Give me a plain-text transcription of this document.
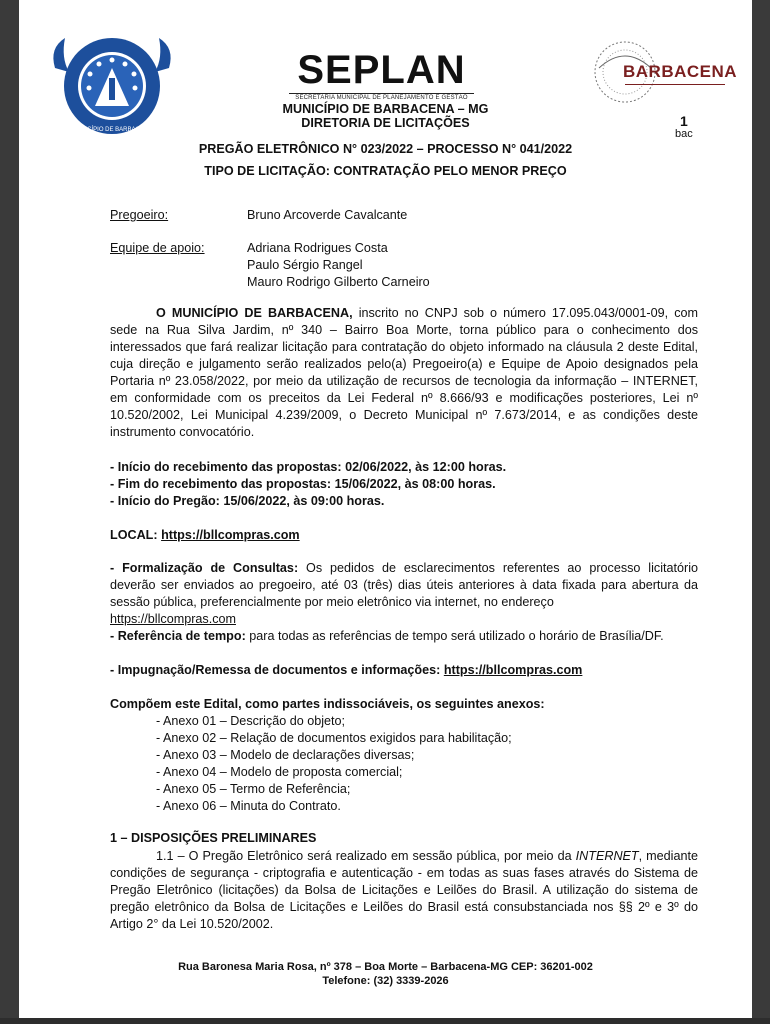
MUNICÍPIO DE BARBACENA
SEPLAN
SECRETARIA MUNICIPAL DE PLANEJAMENTO E GESTÃO
BARBACENA
MUNICÍPIO DE BARBACENA – MG
DIRETORIA DE LICITAÇÕES	1
bac
PREGÃO ELETRÔNICO N° 023/2022 – PROCESSO N° 041/2022
TIPO DE LICITAÇÃO: CONTRATAÇÃO PELO MENOR PREÇO
Pregoeiro:	Bruno Arcoverde Cavalcante
Equipe de apoio:	Adriana Rodrigues Costa
Paulo Sérgio Rangel
Mauro Rodrigo Gilberto Carneiro
O MUNICÍPIO DE BARBACENA, inscrito no CNPJ sob o número 17.095.043/0001-09, com sede na Rua Silva Jardim, nº 340 – Bairro Boa Morte, torna público para o conhecimento dos interessados que fará realizar licitação para contratação do objeto informado na cláusula 2 deste Edital, cuja direção e julgamento serão realizados pelo(a) Pregoeiro(a) e Equipe de Apoio designados pela Portaria nº 23.058/2022, por meio da utilização de recursos de tecnologia da informação – INTERNET, em conformidade com os preceitos da Lei Federal nº 8.666/93 e modificações posteriores, Lei nº 10.520/2002, Lei Municipal 4.239/2009, o Decreto Municipal nº 7.673/2014, e as condições deste instrumento convocatório.
- Início do recebimento das propostas: 02/06/2022, às 12:00 horas.
- Fim do recebimento das propostas: 15/06/2022, às 08:00 horas.
- Início do Pregão: 15/06/2022, às 09:00 horas.
LOCAL: https://bllcompras.com
- Formalização de Consultas: Os pedidos de esclarecimentos referentes ao processo licitatório deverão ser enviados ao pregoeiro, até 03 (três) dias úteis anteriores à data fixada para abertura da sessão pública, preferencialmente por meio eletrônico via internet, no endereço
https://bllcompras.com
- Referência de tempo: para todas as referências de tempo será utilizado o horário de Brasília/DF.
- Impugnação/Remessa de documentos e informações: https://bllcompras.com
Compõem este Edital, como partes indissociáveis, os seguintes anexos:
- Anexo 01 – Descrição do objeto;
- Anexo 02 – Relação de documentos exigidos para habilitação;
- Anexo 03 – Modelo de declarações diversas;
- Anexo 04 – Modelo de proposta comercial;
- Anexo 05 – Termo de Referência;
- Anexo 06 – Minuta do Contrato.
1 – DISPOSIÇÕES PRELIMINARES
1.1 – O Pregão Eletrônico será realizado em sessão pública, por meio da INTERNET, mediante condições de segurança - criptografia e autenticação - em todas as suas fases através do Sistema de Pregão Eletrônico (licitações) da Bolsa de Licitações e Leilões do Brasil. A utilização do sistema de pregão eletrônico da Bolsa de Licitações e Leilões do Brasil está consubstanciada nos §§ 2º e 3º do Artigo 2° da Lei 10.520/2002.
Rua Baronesa Maria Rosa, nº 378 – Boa Morte – Barbacena-MG CEP: 36201-002
Telefone: (32) 3339-2026
